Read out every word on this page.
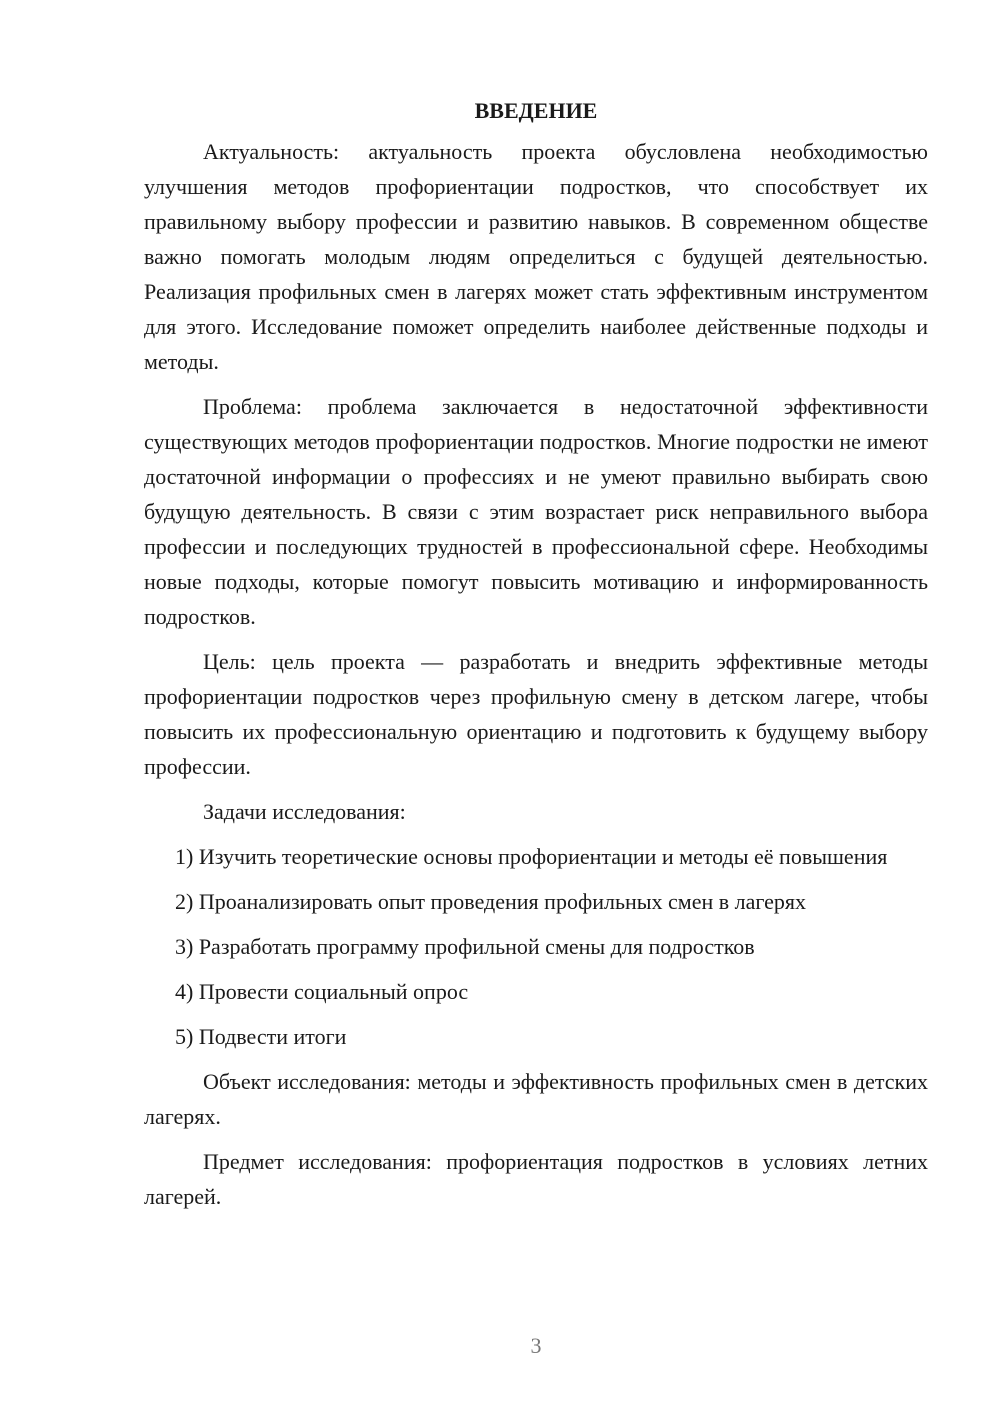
ВВЕДЕНИЕ

Актуальность: актуальность проекта обусловлена необходимостью улучшения методов профориентации подростков, что способствует их правильному выбору профессии и развитию навыков. В современном обществе важно помогать молодым людям определиться с будущей деятельностью. Реализация профильных смен в лагерях может стать эффективным инструментом для этого. Исследование поможет определить наиболее действенные подходы и методы.

Проблема: проблема заключается в недостаточной эффективности существующих методов профориентации подростков. Многие подростки не имеют достаточной информации о профессиях и не умеют правильно выбирать свою будущую деятельность. В связи с этим возрастает риск неправильного выбора профессии и последующих трудностей в профессиональной сфере. Необходимы новые подходы, которые помогут повысить мотивацию и информированность подростков.

Цель: цель проекта — разработать и внедрить эффективные методы профориентации подростков через профильную смену в детском лагере, чтобы повысить их профессиональную ориентацию и подготовить к будущему выбору профессии.

Задачи исследования:

1) Изучить теоретические основы профориентации и методы её повышения

2) Проанализировать опыт проведения профильных смен в лагерях

3) Разработать программу профильной смены для подростков

4) Провести социальный опрос

5) Подвести итоги

Объект исследования: методы и эффективность профильных смен в детских лагерях.

Предмет исследования: профориентация подростков в условиях летних лагерей.

3
